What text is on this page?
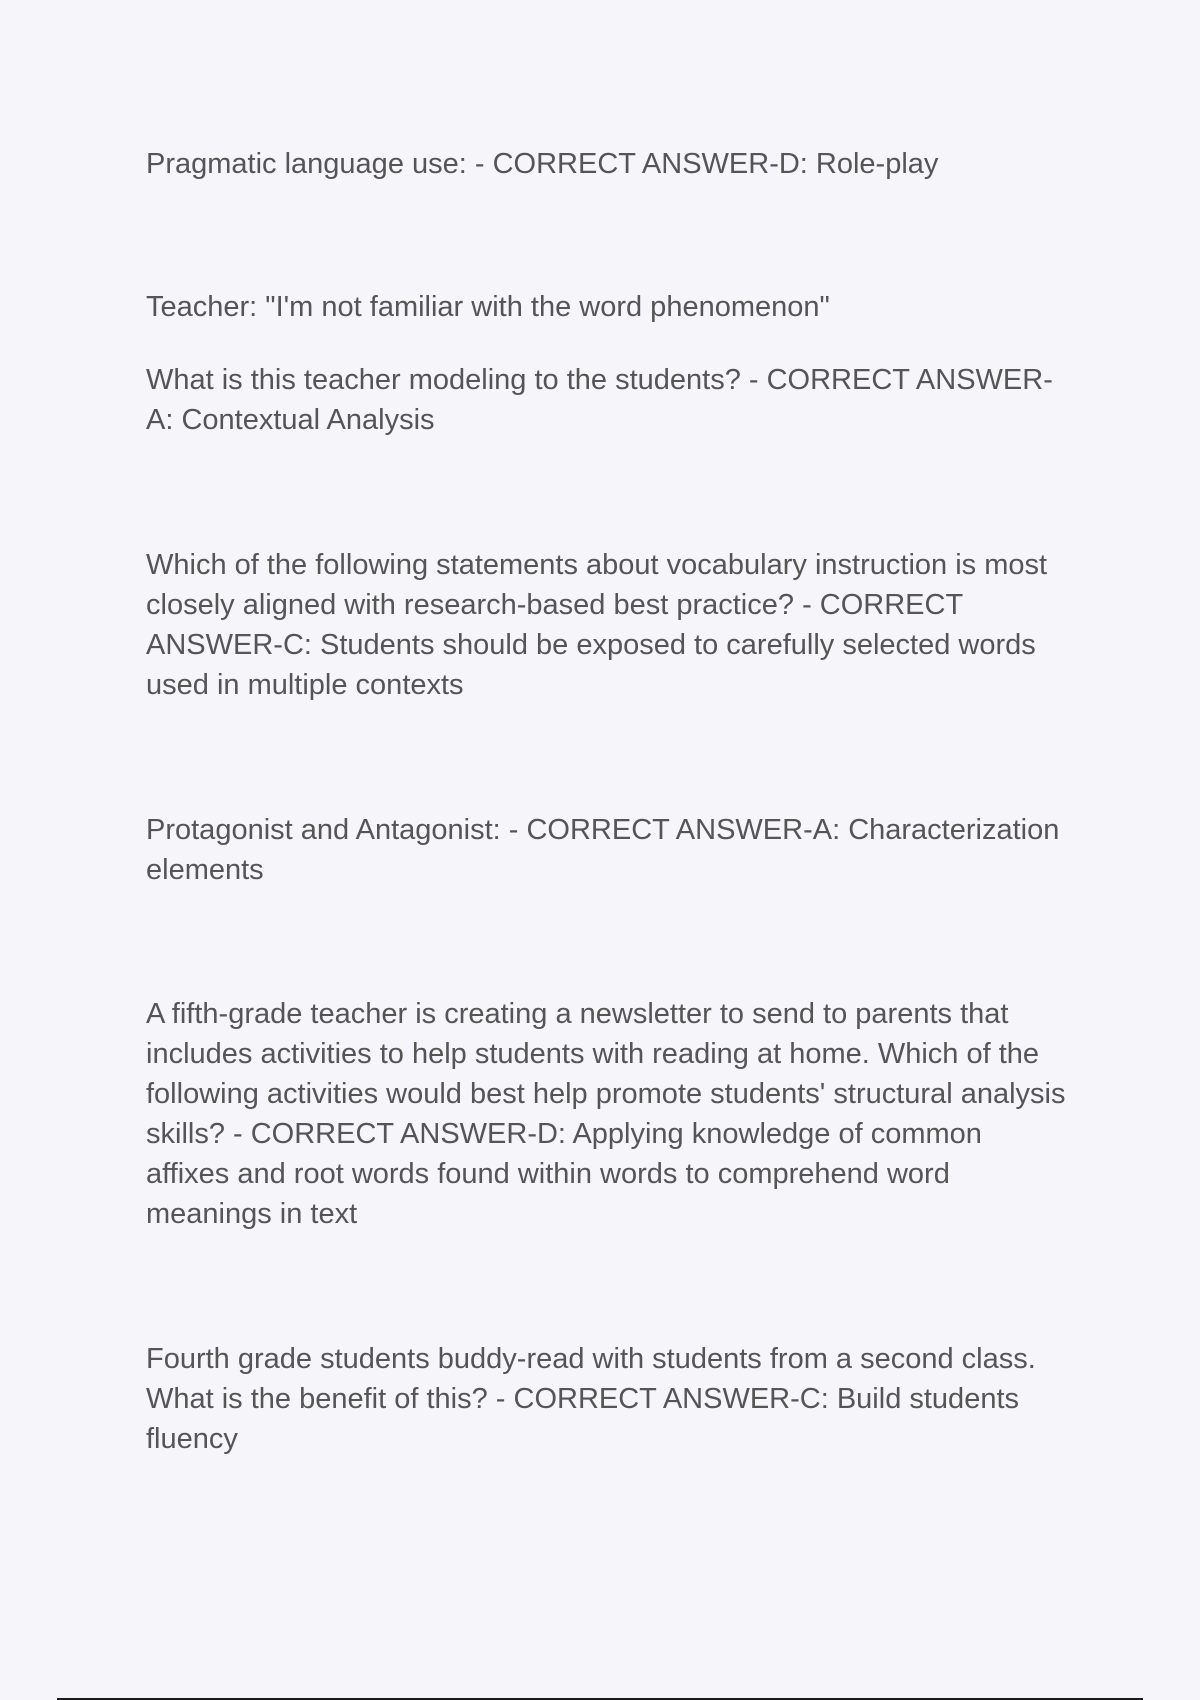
Pragmatic language use: - CORRECT ANSWER-D: Role-play

Teacher: "I'm not familiar with the word phenomenon"

What is this teacher modeling to the students? - CORRECT ANSWER-A: Contextual Analysis

Which of the following statements about vocabulary instruction is most closely aligned with research-based best practice? - CORRECT ANSWER-C: Students should be exposed to carefully selected words used in multiple contexts

Protagonist and Antagonist: - CORRECT ANSWER-A: Characterization elements

A fifth-grade teacher is creating a newsletter to send to parents that includes activities to help students with reading at home. Which of the following activities would best help promote students' structural analysis skills? - CORRECT ANSWER-D: Applying knowledge of common affixes and root words found within words to comprehend word meanings in text

Fourth grade students buddy-read with students from a second class. What is the benefit of this? - CORRECT ANSWER-C: Build students fluency
